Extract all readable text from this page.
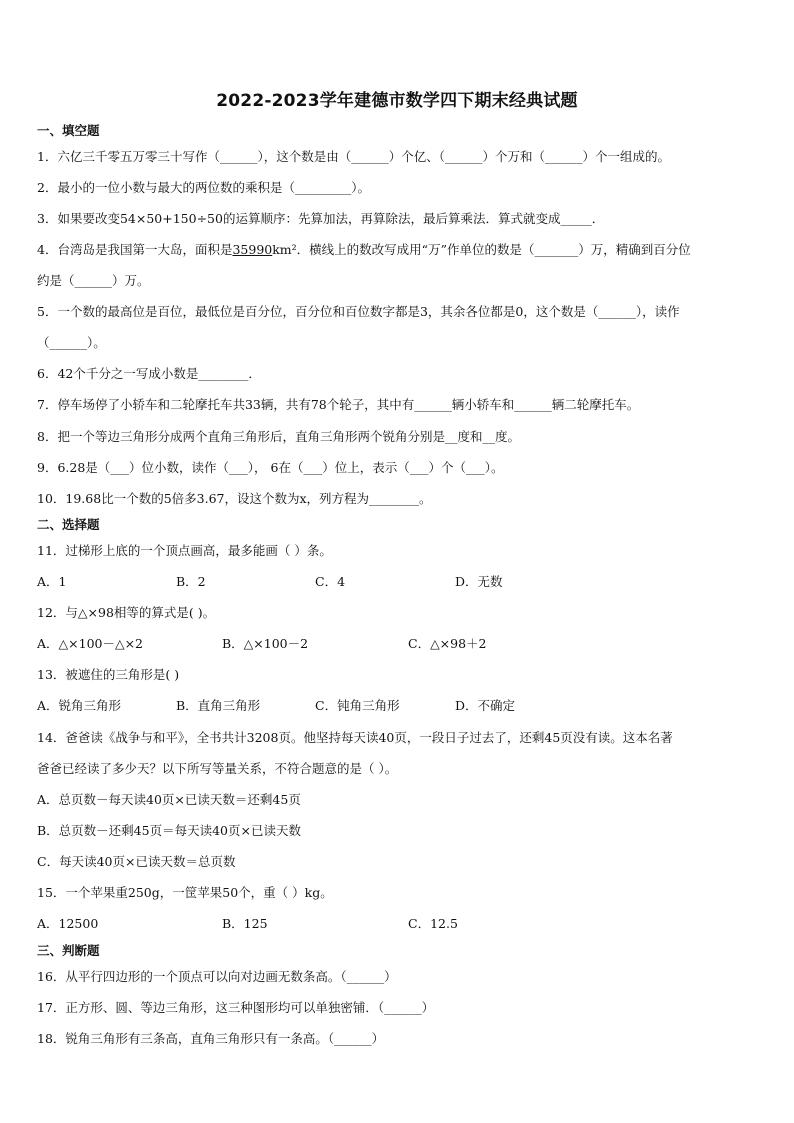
2022-2023学年建德市数学四下期末经典试题
一、填空题
1．六亿三千零五万零三十写作（______），这个数是由（______）个亿、（______）个万和（______）个一组成的。
2．最小的一位小数与最大的两位数的乘积是（_________）。
3．如果要改变54×50+150÷50的运算顺序：先算加法，再算除法，最后算乘法．算式就变成_____．
4．台湾岛是我国第一大岛，面积是35990km²．横线上的数改写成用“万”作单位的数是（_______）万，精确到百分位
约是（______）万。
5．一个数的最高位是百位，最低位是百分位，百分位和百位数字都是3，其余各位都是0，这个数是（______），读作
（______）。
6．42个千分之一写成小数是________．
7．停车场停了小轿车和二轮摩托车共33辆，共有78个轮子，其中有______辆小轿车和______辆二轮摩托车。
8．把一个等边三角形分成两个直角三角形后，直角三角形两个锐角分别是__度和__度。
9．6.28是（___）位小数，读作（___）， 6在（___）位上，表示（___）个（___）。
10．19.68比一个数的5倍多3.67，设这个数为x，列方程为________。
二、选择题
11．过梯形上底的一个顶点画高，最多能画（ ）条。
A．1	B．2	C．4	D．无数
12．与△×98相等的算式是( )。
A．△×100－△×2	B．△×100－2	C．△×98＋2
13．被遮住的三角形是( )
A．锐角三角形	B．直角三角形	C．钝角三角形	D．不确定
14．爸爸读《战争与和平》，全书共计3208页。他坚持每天读40页，一段日子过去了，还剩45页没有读。这本名著
爸爸已经读了多少天？以下所写等量关系，不符合题意的是（ ）。
A．总页数－每天读40页×已读天数＝还剩45页
B．总页数－还剩45页＝每天读40页×已读天数
C．每天读40页×已读天数＝总页数
15．一个苹果重250g，一筐苹果50个，重（ ）kg。
A．12500	B．125	C．12.5
三、判断题
16．从平行四边形的一个顶点可以向对边画无数条高。（______）
17．正方形、圆、等边三角形，这三种图形均可以单独密铺．（______）
18．锐角三角形有三条高，直角三角形只有一条高。（______）
